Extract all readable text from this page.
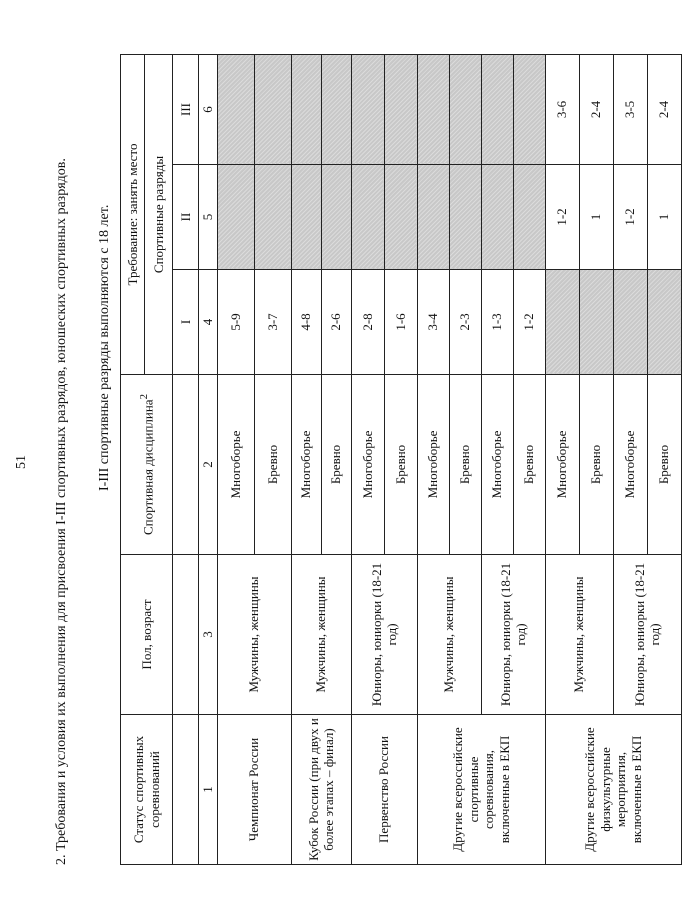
51 2. Требования и условия их выполнения для присвоения I-III спортивных разрядов, юношеских спортивных разрядов. I-III спортивные разряды выполняются с 18 лет.
Статус спортивных соревнований	Пол, возраст	Спортивная дисциплина$^2$	Требование: занять место		
			Спортивные разряды		
			I	II	III
1	3	2	4	5	6
Чемпионат России	Мужчины, женщины	Многоборье	5-9		
		Бревно	3-7		
Кубок России (при двух и более этапах – финал)	Мужчины, женщины	Многоборье	4-8		
		Бревно	2-6		
Первенство России	Юниоры, юниорки (18-21 год)	Многоборье	2-8		
		Бревно	1-6		
Другие всероссийские спортивные соревнования, включенные в ЕКП	Мужчины, женщины	Многоборье	3-4		
		Бревно	2-3		
	Юниоры, юниорки (18-21 год)	Многоборье	1-3		
		Бревно	1-2		
Другие всероссийские физкультурные мероприятия, включенные в ЕКП	Мужчины, женщины	Многоборье		1-2	3-6
		Бревно		1	2-4
	Юниоры, юниорки (18-21 год)	Многоборье		1-2	3-5
		Бревно		1	2-4
